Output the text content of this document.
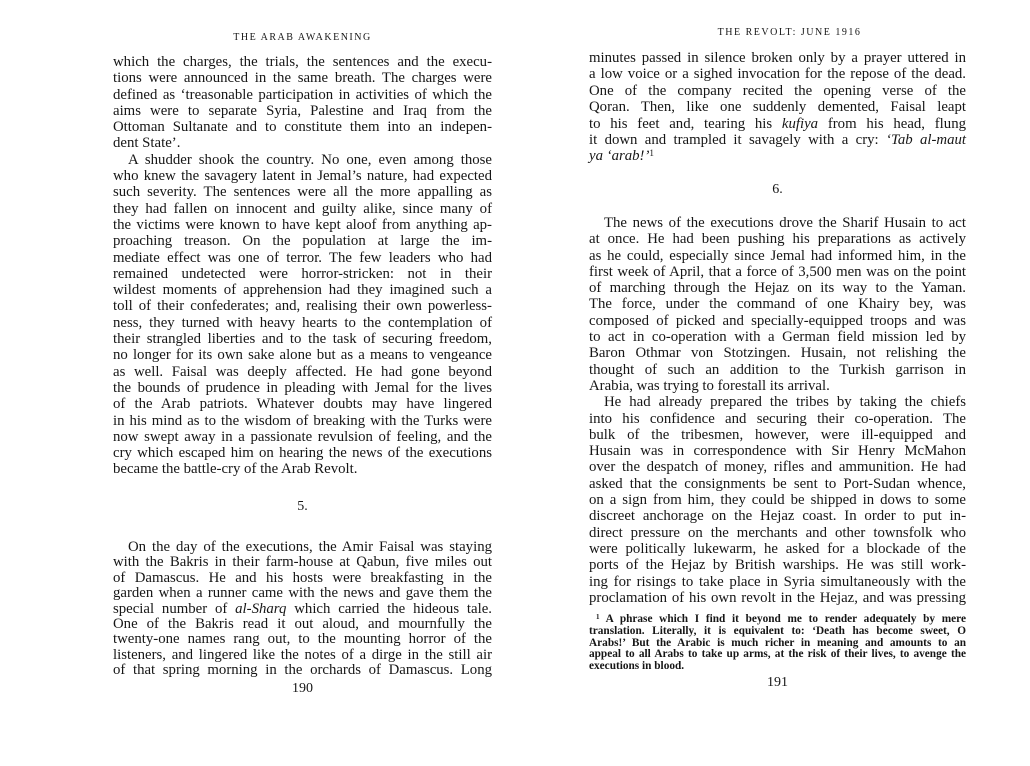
THE ARAB AWAKENING
which the charges, the trials, the sentences and the execu-
tions were announced in the same breath. The charges were
defined as ‘treasonable participation in activities of which the
aims were to separate Syria, Palestine and Iraq from the
Ottoman Sultanate and to constitute them into an indepen-
dent State’.
A shudder shook the country. No one, even among those
who knew the savagery latent in Jemal’s nature, had expected
such severity. The sentences were all the more appalling as
they had fallen on innocent and guilty alike, since many of
the victims were known to have kept aloof from anything ap-
proaching treason. On the population at large the im-
mediate effect was one of terror. The few leaders who had
remained undetected were horror-stricken: not in their
wildest moments of apprehension had they imagined such a
toll of their confederates; and, realising their own powerless-
ness, they turned with heavy hearts to the contemplation of
their strangled liberties and to the task of securing freedom,
no longer for its own sake alone but as a means to vengeance
as well. Faisal was deeply affected. He had gone beyond
the bounds of prudence in pleading with Jemal for the lives
of the Arab patriots. Whatever doubts may have lingered
in his mind as to the wisdom of breaking with the Turks were
now swept away in a passionate revulsion of feeling, and the
cry which escaped him on hearing the news of the executions
became the battle-cry of the Arab Revolt.
5.
On the day of the executions, the Amir Faisal was staying
with the Bakris in their farm-house at Qabun, five miles out
of Damascus. He and his hosts were breakfasting in the
garden when a runner came with the news and gave them the
special number of al-Sharq which carried the hideous tale.
One of the Bakris read it out aloud, and mournfully the
twenty-one names rang out, to the mounting horror of the
listeners, and lingered like the notes of a dirge in the still air
of that spring morning in the orchards of Damascus. Long
190
THE REVOLT: JUNE 1916
minutes passed in silence broken only by a prayer uttered in
a low voice or a sighed invocation for the repose of the dead.
One of the company recited the opening verse of the
Qoran. Then, like one suddenly demented, Faisal leapt
to his feet and, tearing his kufiya from his head, flung
it down and trampled it savagely with a cry: ‘Tab al-maut
ya ‘arab!’$^1$
6.
The news of the executions drove the Sharif Husain to act
at once. He had been pushing his preparations as actively
as he could, especially since Jemal had informed him, in the
first week of April, that a force of 3,500 men was on the point
of marching through the Hejaz on its way to the Yaman.
The force, under the command of one Khairy bey, was
composed of picked and specially-equipped troops and was
to act in co-operation with a German field mission led by
Baron Othmar von Stotzingen. Husain, not relishing the
thought of such an addition to the Turkish garrison in
Arabia, was trying to forestall its arrival.
He had already prepared the tribes by taking the chiefs
into his confidence and securing their co-operation. The
bulk of the tribesmen, however, were ill-equipped and
Husain was in correspondence with Sir Henry McMahon
over the despatch of money, rifles and ammunition. He had
asked that the consignments be sent to Port-Sudan whence,
on a sign from him, they could be shipped in dows to some
discreet anchorage on the Hejaz coast. In order to put in-
direct pressure on the merchants and other townsfolk who
were politically lukewarm, he asked for a blockade of the
ports of the Hejaz by British warships. He was still work-
ing for risings to take place in Syria simultaneously with the
proclamation of his own revolt in the Hejaz, and was pressing
$^1$ A phrase which I find it beyond me to render adequately by mere
translation. Literally, it is equivalent to: ‘Death has become sweet, O
Arabs!’ But the Arabic is much richer in meaning and amounts to an
appeal to all Arabs to take up arms, at the risk of their lives, to avenge the
executions in blood.
191
